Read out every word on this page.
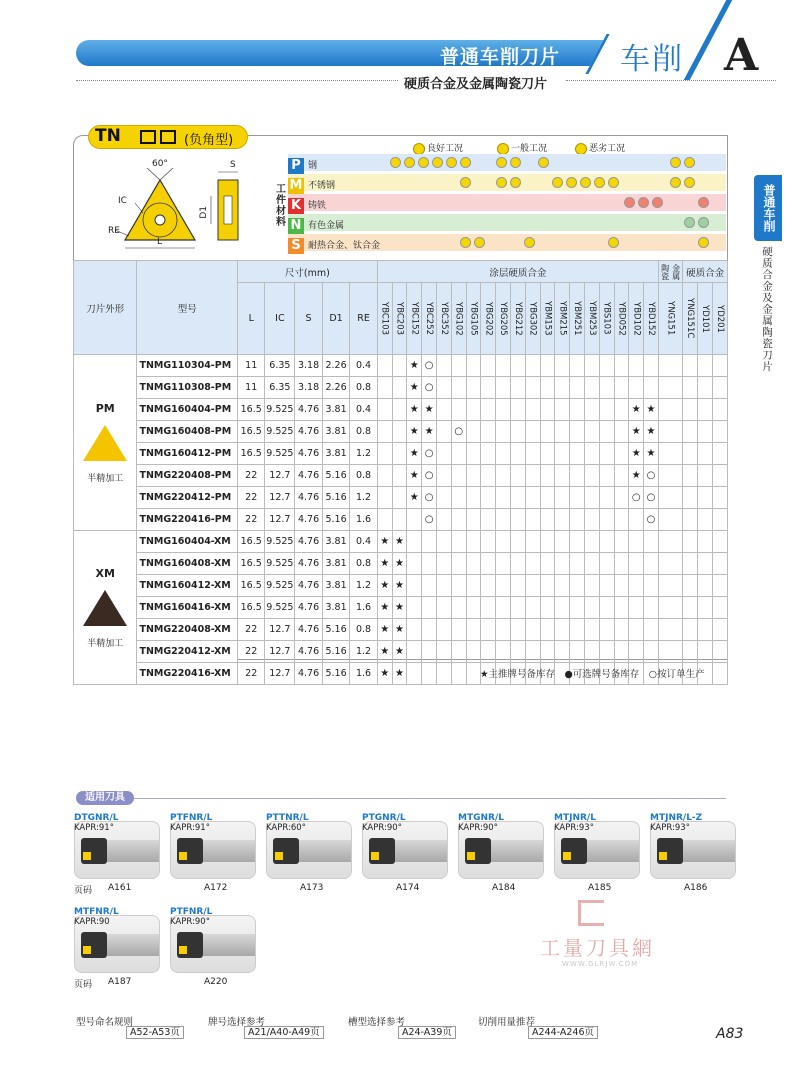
普通车削刀片 车削 A
硬质合金及金属陶瓷刀片
普通车削
硬质合金及金属陶瓷刀片
TN	(负角型)
60°	S
IC
RE
L
D1
良好工况	一般工况	恶劣工况
工件材料
P 钢
M 不锈钢
K 铸铁
N 有色金属
S 耐热合金、钛合金
刀片外形	型号	尺寸(mm)					涂层硬质合金																			金属陶瓷	硬质合金		
		L	IC	S	D1	RE	YBC103	YBC203	YBC152	YBC252	YBC352	YBG102	YBG105	YBG202	YBG205	YBG212	YBG302	YBM153	YBM215	YBM251	YBM253	YBS103	YBD052	YBD102	YBD152	YNG151	YNG151C	YD101	YD201

PM
半精加工	TNMG110304-PM	11	6.35	3.18	2.26	0.4			★	○																			
	TNMG110308-PM	11	6.35	3.18	2.26	0.8			★	○																			
	TNMG160404-PM	16.5	9.525	4.76	3.81	0.4			★	★														★	★				
	TNMG160408-PM	16.5	9.525	4.76	3.81	0.8			★	★		○												★	★				
	TNMG160412-PM	16.5	9.525	4.76	3.81	1.2			★	○														★	★				
	TNMG220408-PM	22	12.7	4.76	5.16	0.8			★	○														★	○				
	TNMG220412-PM	22	12.7	4.76	5.16	1.2			★	○														○	○				
	TNMG220416-PM	22	12.7	4.76	5.16	1.6				○															○				

XM
半精加工	TNMG160404-XM	16.5	9.525	4.76	3.81	0.4	★	★																					
	TNMG160408-XM	16.5	9.525	4.76	3.81	0.8	★	★																					
	TNMG160412-XM	16.5	9.525	4.76	3.81	1.2	★	★																					
	TNMG160416-XM	16.5	9.525	4.76	3.81	1.6	★	★																					
	TNMG220408-XM	22	12.7	4.76	5.16	0.8	★	★																					
	TNMG220412-XM	22	12.7	4.76	5.16	1.2	★	★																					
	TNMG220416-XM	22	12.7	4.76	5.16	1.6	★	★																						★主推牌号备库存　●可选牌号备库存　○按订单生产
适用刀具
DTGNR/L
KAPR:91°
A161
页码
PTFNR/L
KAPR:91°
A172
PTTNR/L
KAPR:60°
A173
PTGNR/L
KAPR:90°
A174
MTGNR/L
KAPR:90°
A184
MTJNR/L
KAPR:93°
A185
MTJNR/L-Z
KAPR:93°
A186
MTFNR/L
KAPR:90
A187
页码
PTFNR/L
KAPR:90°
A220
工量刀具網
WWW.GLRJW.COM
型号命名规则
A52-A53页
牌号选择参考
A21/A40-A49页
槽型选择参考
A24-A39页
切削用量推荐
A244-A246页	A83
